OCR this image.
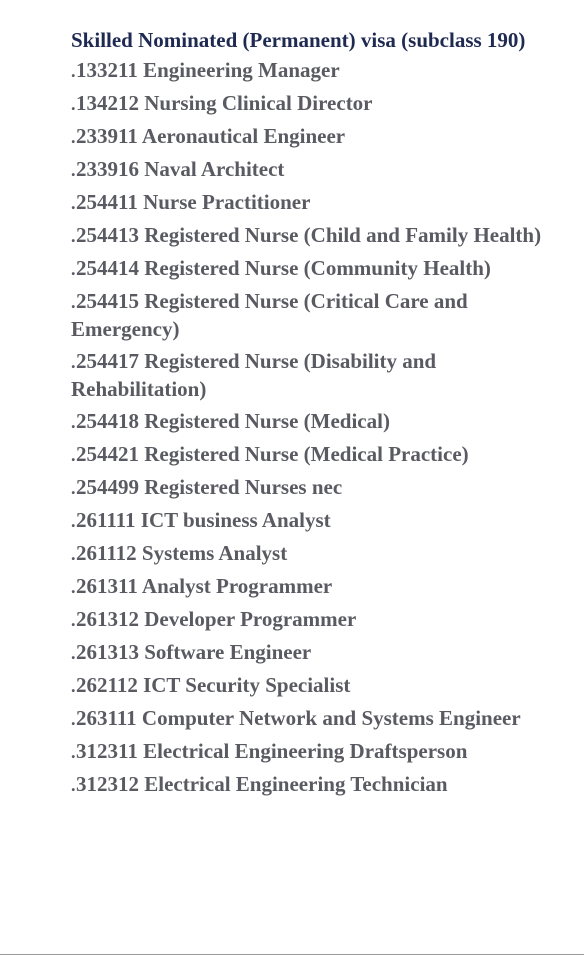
Skilled Nominated (Permanent) visa (subclass 190)
.133211 Engineering Manager
.134212 Nursing Clinical Director
.233911 Aeronautical Engineer
.233916 Naval Architect
.254411 Nurse Practitioner
.254413 Registered Nurse (Child and Family Health)
.254414 Registered Nurse (Community Health)
.254415 Registered Nurse (Critical Care and Emergency)
.254417 Registered Nurse (Disability and Rehabilitation)
.254418 Registered Nurse (Medical)
.254421 Registered Nurse (Medical Practice)
.254499 Registered Nurses nec
.261111 ICT business Analyst
.261112 Systems Analyst
.261311 Analyst Programmer
.261312 Developer Programmer
.261313 Software Engineer
.262112 ICT Security Specialist
.263111 Computer Network and Systems Engineer
.312311 Electrical Engineering Draftsperson
.312312 Electrical Engineering Technician
